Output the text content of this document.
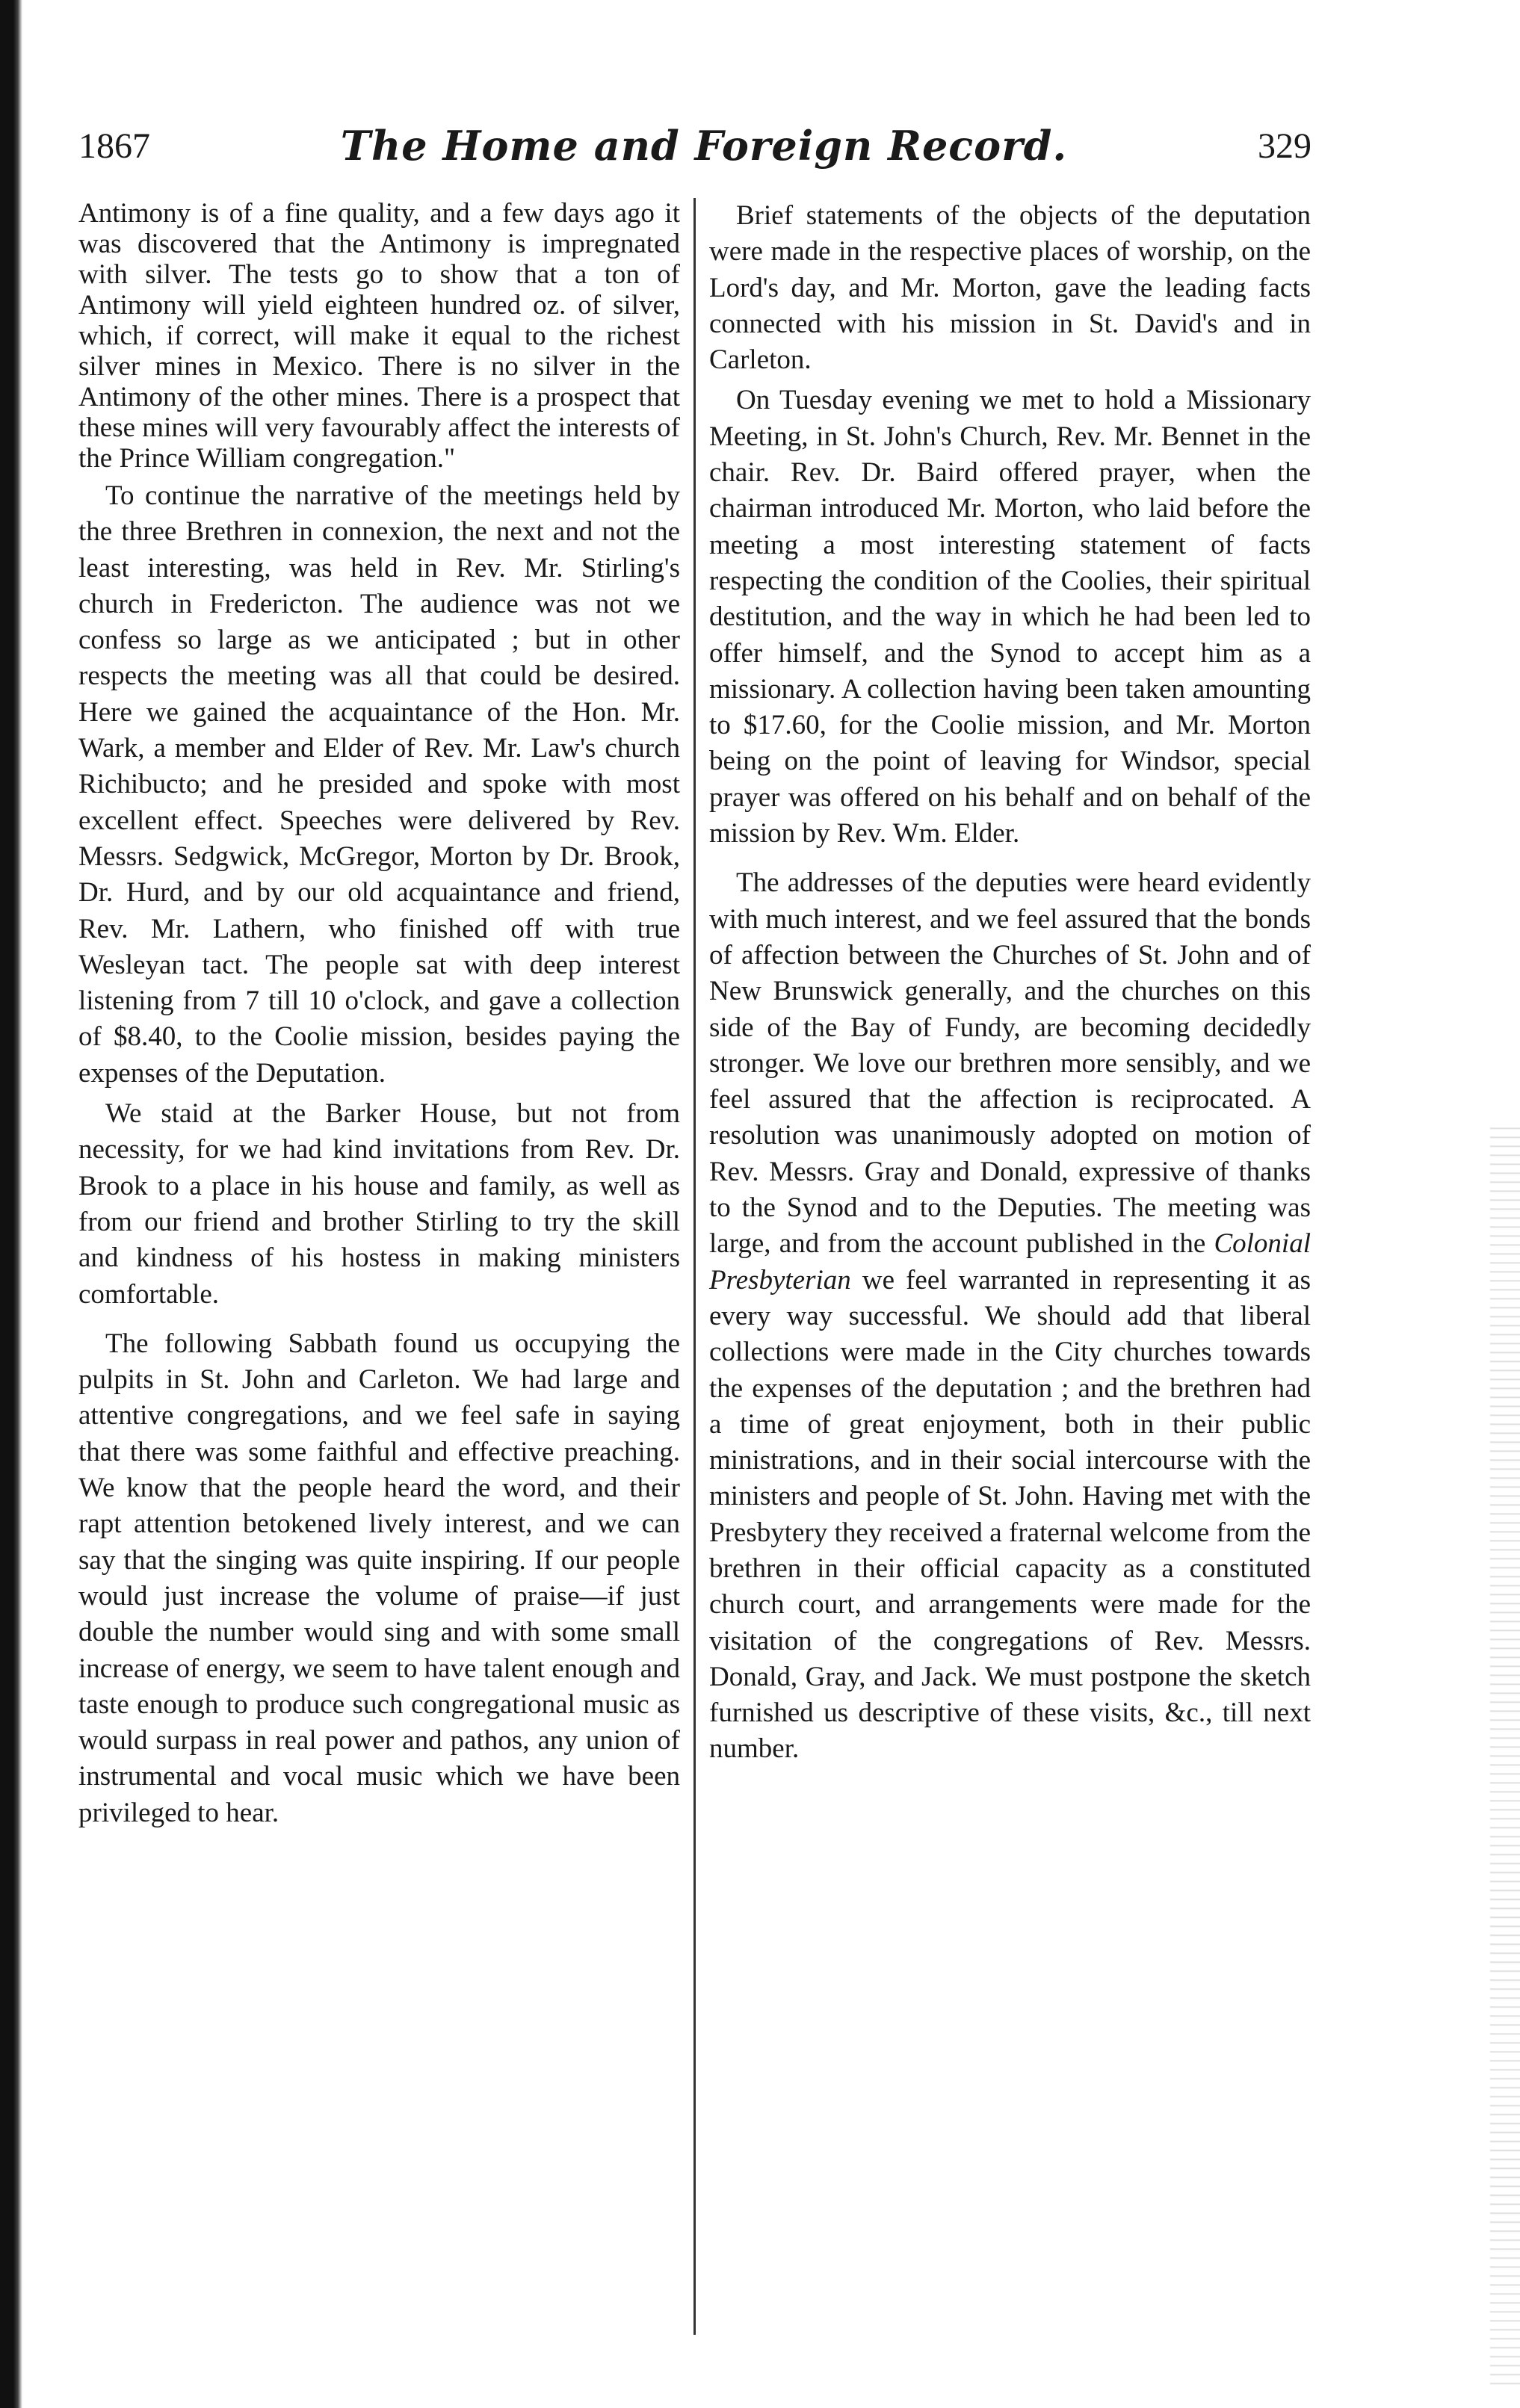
1867	The Home and Foreign Record.	329

Antimony is of a fine quality, and a few days ago it was discovered that the Antimony is impregnated with silver. The tests go to show that a ton of Antimony will yield eighteen hundred oz. of silver, which, if correct, will make it equal to the richest silver mines in Mexico. There is no silver in the Antimony of the other mines. There is a prospect that these mines will very favourably affect the interests of the Prince William congregation."

To continue the narrative of the meetings held by the three Brethren in connexion, the next and not the least interesting, was held in Rev. Mr. Stirling's church in Fredericton. The audience was not we confess so large as we anticipated ; but in other respects the meeting was all that could be desired. Here we gained the acquaintance of the Hon. Mr. Wark, a member and Elder of Rev. Mr. Law's church Richibucto; and he presided and spoke with most excellent effect. Speeches were delivered by Rev. Messrs. Sedgwick, McGregor, Morton by Dr. Brook, Dr. Hurd, and by our old acquaintance and friend, Rev. Mr. Lathern, who finished off with true Wesleyan tact. The people sat with deep interest listening from 7 till 10 o'clock, and gave a collection of $8.40, to the Coolie mission, besides paying the expenses of the Deputation.

We staid at the Barker House, but not from necessity, for we had kind invitations from Rev. Dr. Brook to a place in his house and family, as well as from our friend and brother Stirling to try the skill and kindness of his hostess in making ministers comfortable.

The following Sabbath found us occupying the pulpits in St. John and Carleton. We had large and attentive congregations, and we feel safe in saying that there was some faithful and effective preaching. We know that the people heard the word, and their rapt attention betokened lively interest, and we can say that the singing was quite inspiring. If our people would just increase the volume of praise—if just double the number would sing and with some small increase of energy, we seem to have talent enough and taste enough to produce such congregational music as would surpass in real power and pathos, any union of instrumental and vocal music which we have been privileged to hear.

Brief statements of the objects of the deputation were made in the respective places of worship, on the Lord's day, and Mr. Morton, gave the leading facts connected with his mission in St. David's and in Carleton.

On Tuesday evening we met to hold a Missionary Meeting, in St. John's Church, Rev. Mr. Bennet in the chair. Rev. Dr. Baird offered prayer, when the chairman introduced Mr. Morton, who laid before the meeting a most interesting statement of facts respecting the condition of the Coolies, their spiritual destitution, and the way in which he had been led to offer himself, and the Synod to accept him as a missionary. A collection having been taken amounting to $17.60, for the Coolie mission, and Mr. Morton being on the point of leaving for Windsor, special prayer was offered on his behalf and on behalf of the mission by Rev. Wm. Elder.

The addresses of the deputies were heard evidently with much interest, and we feel assured that the bonds of affection between the Churches of St. John and of New Brunswick generally, and the churches on this side of the Bay of Fundy, are becoming decidedly stronger. We love our brethren more sensibly, and we feel assured that the affection is reciprocated. A resolution was unanimously adopted on motion of Rev. Messrs. Gray and Donald, expressive of thanks to the Synod and to the Deputies. The meeting was large, and from the account published in the Colonial Presbyterian we feel warranted in representing it as every way successful. We should add that liberal collections were made in the City churches towards the expenses of the deputation ; and the brethren had a time of great enjoyment, both in their public ministrations, and in their social intercourse with the ministers and people of St. John. Having met with the Presbytery they received a fraternal welcome from the brethren in their official capacity as a constituted church court, and arrangements were made for the visitation of the congregations of Rev. Messrs. Donald, Gray, and Jack. We must postpone the sketch furnished us descriptive of these visits, &c., till next number.
